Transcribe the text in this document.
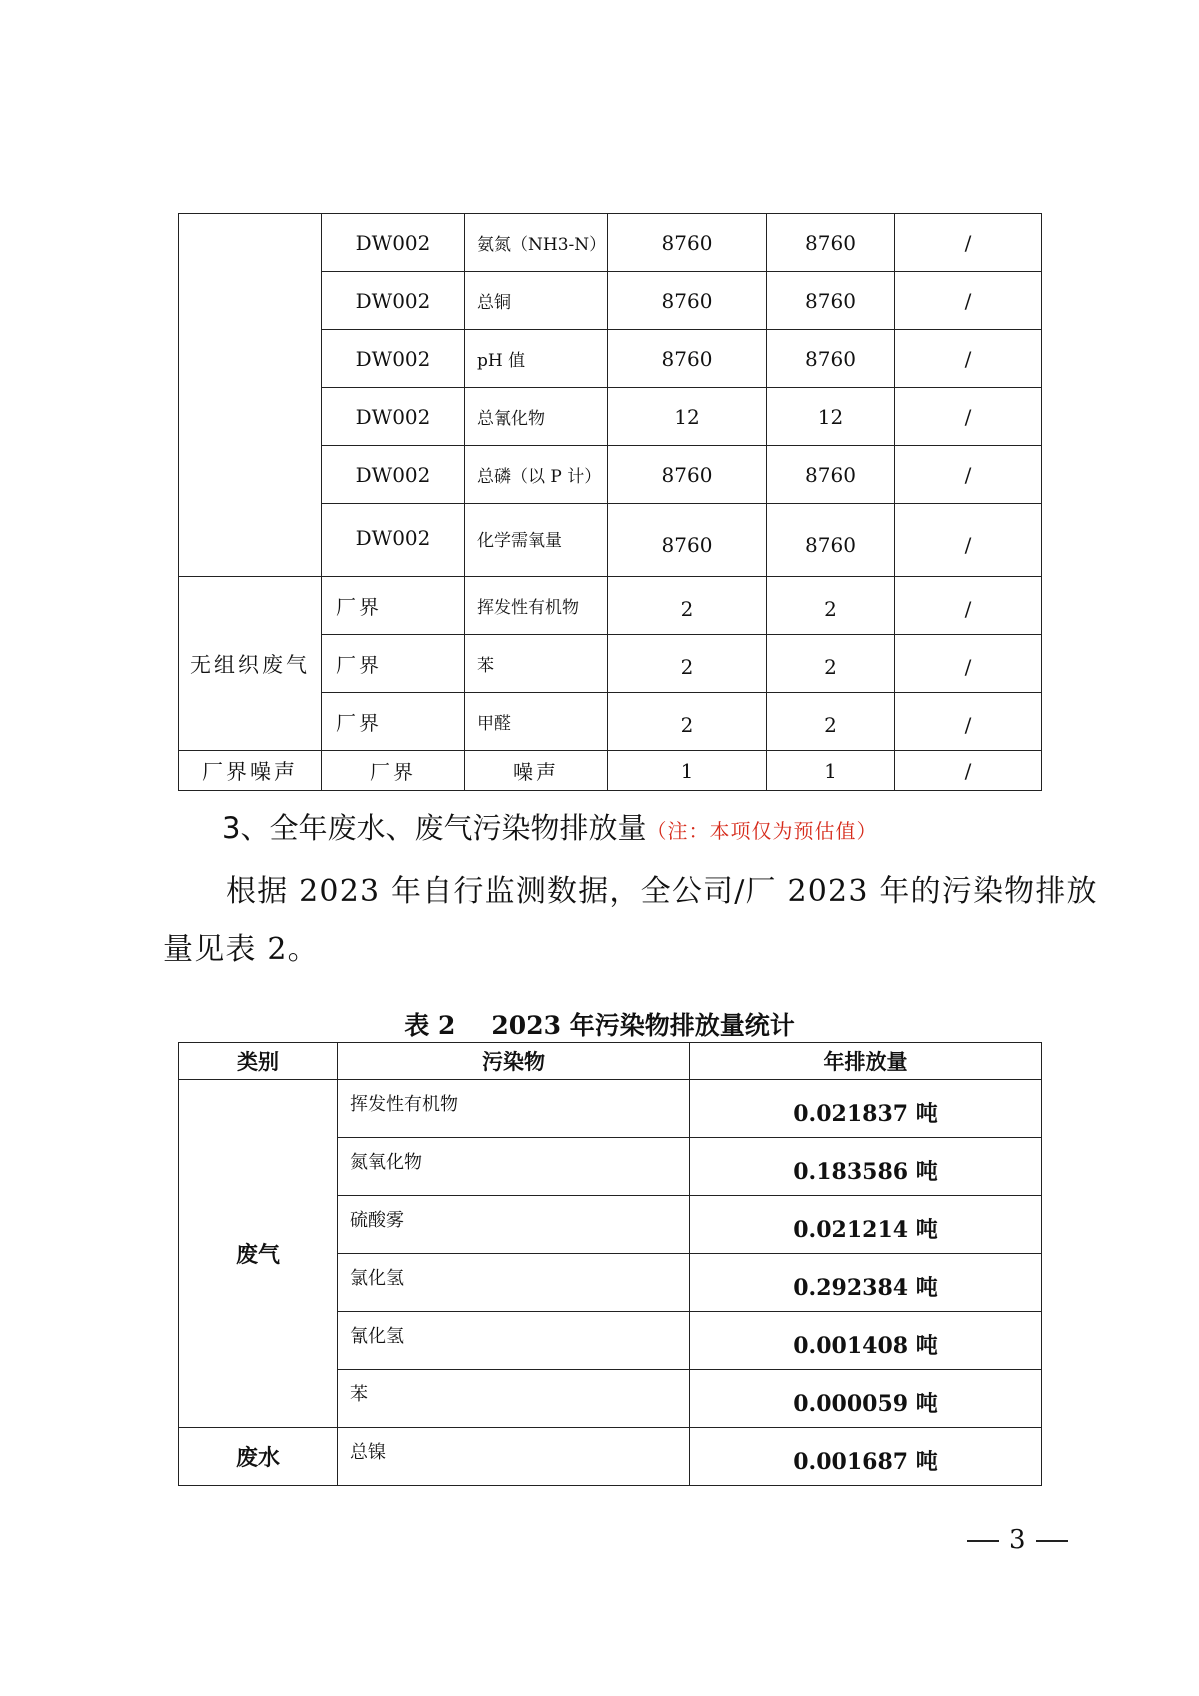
	DW002	氨氮（NH3-N）	8760	8760	/
	DW002	总铜	8760	8760	/
	DW002	pH 值	8760	8760	/
	DW002	总氰化物	12	12	/
	DW002	总磷（以 P 计）	8760	8760	/
	DW002	化学需氧量	8760	8760	/
无组织废气	厂界	挥发性有机物	2	2	/
	厂界	苯	2	2	/
	厂界	甲醛	2	2	/
厂界噪声	厂界	噪声	1	1	/
3、全年废水、废气污染物排放量（注：本项仅为预估值）
根据 2023 年自行监测数据，全公司/厂 2023 年的污染物排放
量见表 2。
表 2 2023 年污染物排放量统计
类别	污染物	年排放量
废气	挥发性有机物	0.021837 吨
	氮氧化物	0.183586 吨
	硫酸雾	0.021214 吨
	氯化氢	0.292384 吨
	氰化氢	0.001408 吨
	苯	0.000059 吨
废水	总镍	0.001687 吨
3
